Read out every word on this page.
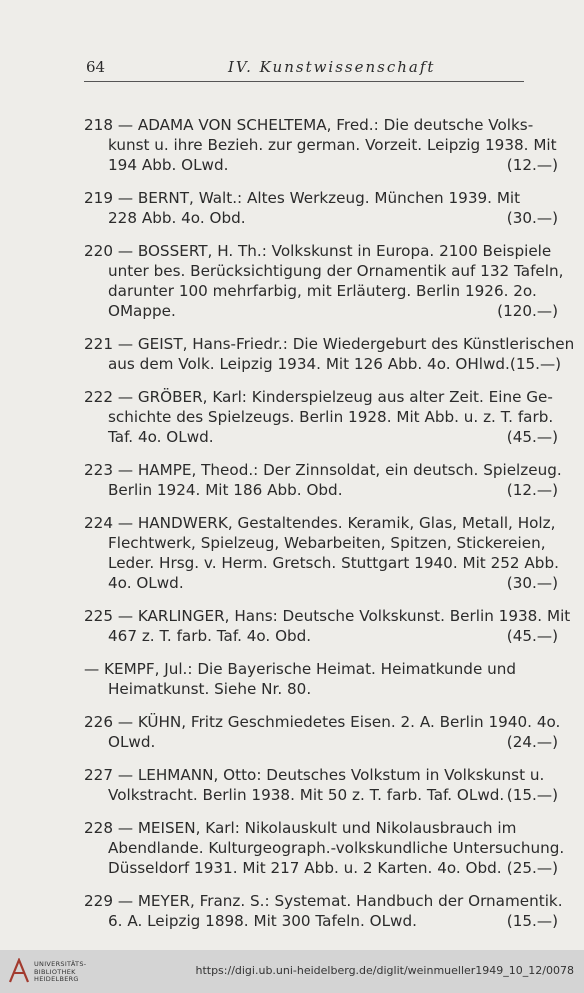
64	IV. Kunstwissenschaft
218 — ADAMA VON SCHELTEMA, Fred.: Die deutsche Volks-
kunst u. ihre Bezieh. zur german. Vorzeit. Leipzig 1938. Mit
194 Abb. OLwd.	(12.—)
219 — BERNT, Walt.: Altes Werkzeug. München 1939. Mit
228 Abb. 4o. Obd.	(30.—)
220 — BOSSERT, H. Th.: Volkskunst in Europa. 2100 Beispiele
unter bes. Berücksichtigung der Ornamentik auf 132 Tafeln,
darunter 100 mehrfarbig, mit Erläuterg. Berlin 1926. 2o.
OMappe.	(120.—)
221 — GEIST, Hans-Friedr.: Die Wiedergeburt des Künstlerischen
aus dem Volk. Leipzig 1934. Mit 126 Abb. 4o. OHlwd. (15.—)
222 — GRÖBER, Karl: Kinderspielzeug aus alter Zeit. Eine Ge-
schichte des Spielzeugs. Berlin 1928. Mit Abb. u. z. T. farb.
Taf. 4o. OLwd.	(45.—)
223 — HAMPE, Theod.: Der Zinnsoldat, ein deutsch. Spielzeug.
Berlin 1924. Mit 186 Abb. Obd.	(12.—)
224 — HANDWERK, Gestaltendes. Keramik, Glas, Metall, Holz,
Flechtwerk, Spielzeug, Webarbeiten, Spitzen, Stickereien,
Leder. Hrsg. v. Herm. Gretsch. Stuttgart 1940. Mit 252 Abb.
4o. OLwd.	(30.—)
225 — KARLINGER, Hans: Deutsche Volkskunst. Berlin 1938. Mit
467 z. T. farb. Taf. 4o. Obd.	(45.—)
— KEMPF, Jul.: Die Bayerische Heimat. Heimatkunde und
Heimatkunst. Siehe Nr. 80.
226 — KÜHN, Fritz Geschmiedetes Eisen. 2. A. Berlin 1940. 4o.
OLwd.	(24.—)
227 — LEHMANN, Otto: Deutsches Volkstum in Volkskunst u.
Volkstracht. Berlin 1938. Mit 50 z. T. farb. Taf. OLwd. (15.—)
228 — MEISEN, Karl: Nikolauskult und Nikolausbrauch im
Abendlande. Kulturgeograph.-volkskundliche Untersuchung.
Düsseldorf 1931. Mit 217 Abb. u. 2 Karten. 4o. Obd. (25.—)
229 — MEYER, Franz. S.: Systemat. Handbuch der Ornamentik.
6. A. Leipzig 1898. Mit 300 Tafeln. OLwd.	(15.—)
UNIVERSITÄTS-
BIBLIOTHEK
HEIDELBERG
https://digi.ub.uni-heidelberg.de/diglit/weinmueller1949_10_12/0078
